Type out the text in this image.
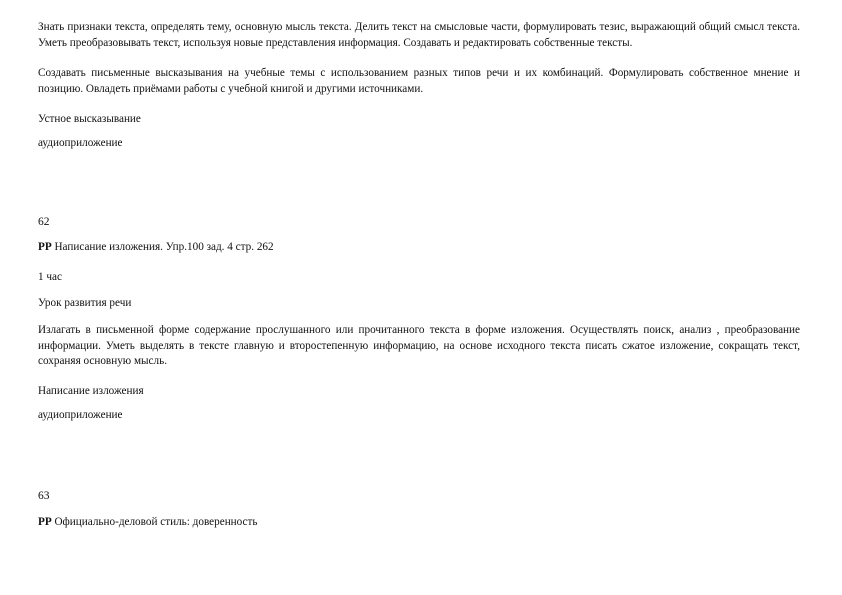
Знать признаки текста, определять тему, основную мысль текста. Делить текст на смысловые части, формулировать тезис, выражающий общий смысл текста. Уметь преобразовывать текст, используя новые представления информация. Создавать и редактировать собственные тексты.

Создавать письменные высказывания на учебные темы с использованием разных типов речи и их комбинаций. Формулировать собственное мнение и позицию. Овладеть приёмами работы с учебной книгой и другими источниками.

Устное высказывание

аудиоприложение

62

РР Написание изложения. Упр.100 зад. 4 стр. 262

1 час

Урок развития речи

Излагать в письменной форме содержание прослушанного или прочитанного текста в форме изложения. Осуществлять поиск, анализ , преобразование информации. Уметь выделять в тексте главную и второстепенную информацию, на основе исходного текста писать сжатое изложение, сокращать текст, сохраняя основную мысль.

Написание изложения

аудиоприложение

63

РР Официально-деловой стиль: доверенность
